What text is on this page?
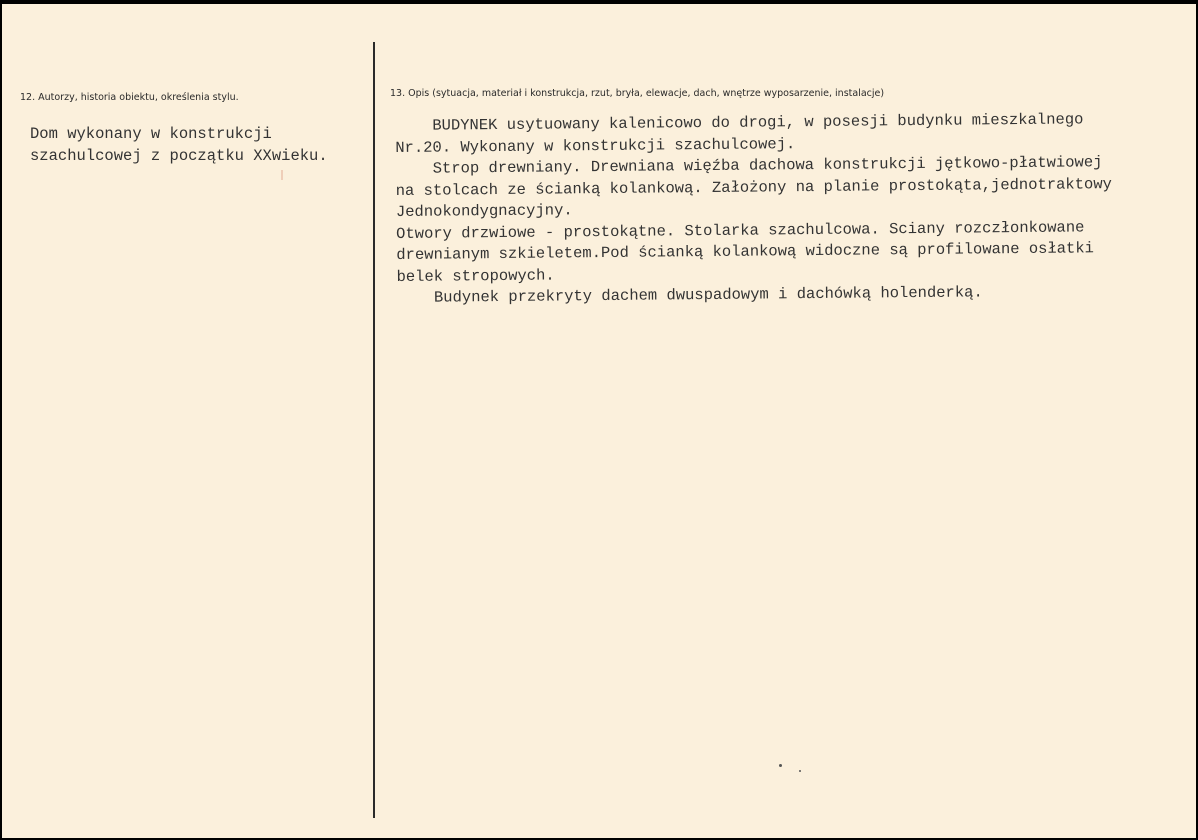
12. Autorzy, historia obiektu, określenia stylu.
Dom wykonany w konstrukcji
szachulcowej z początku XXwieku.
13. Opis (sytuacja, materiał i konstrukcja, rzut, bryła, elewacje, dach, wnętrze wyposarzenie, instalacje)
BUDYNEK usytuowany kalenicowo do drogi, w posesji budynku mieszkalnego
Nr.20. Wykonany w konstrukcji szachulcowej.
Strop drewniany. Drewniana więźba dachowa konstrukcji jętkowo-płatwiowej
na stolcach ze ścianką kolankową. Założony na planie prostokąta,jednotraktowy
Jednokondygnacyjny.
Otwory drzwiowe - prostokątne. Stolarka szachulcowa. Sciany rozczłonkowane
drewnianym szkieletem.Pod ścianką kolankową widoczne są profilowane osłatki
belek stropowych.
Budynek przekryty dachem dwuspadowym i dachówką holenderką.
